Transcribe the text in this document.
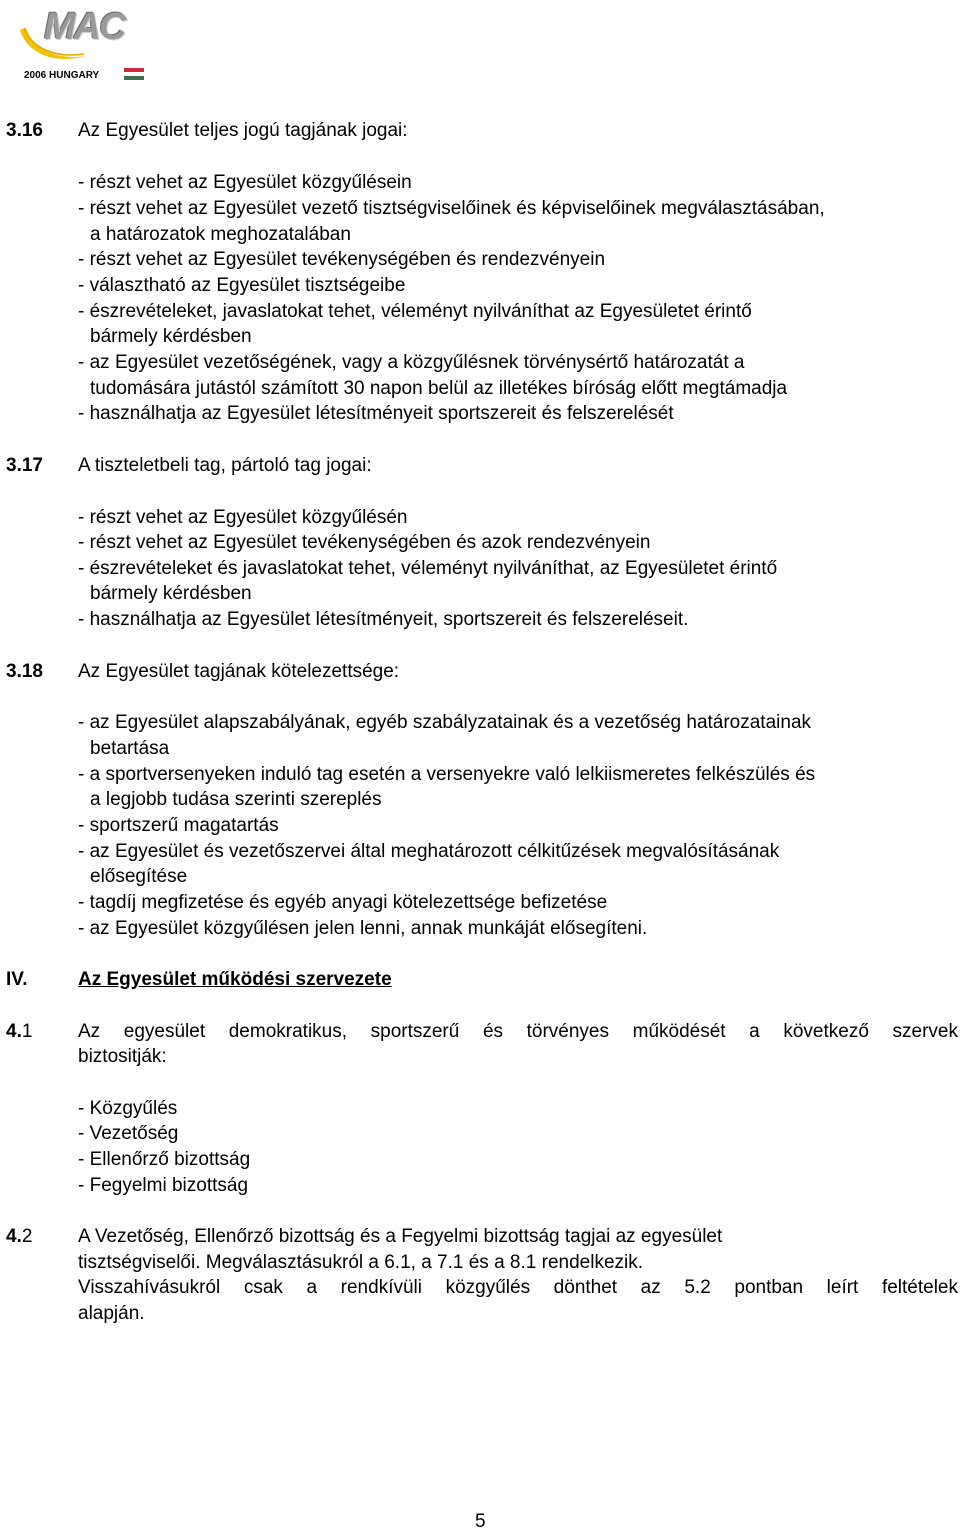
MAC
2006 HUNGARY
3.16 Az Egyesület teljes jogú tagjának jogai:
- részt vehet az Egyesület közgyűlésein
- részt vehet az Egyesület vezető tisztségviselőinek és képviselőinek megválasztásában,
a határozatok meghozatalában
- részt vehet az Egyesület tevékenységében és rendezvényein
- választható az Egyesület tisztségeibe
- észrevételeket, javaslatokat tehet, véleményt nyilváníthat az Egyesületet érintő
bármely kérdésben
- az Egyesület vezetőségének, vagy a közgyűlésnek törvénysértő határozatát a
tudomására jutástól számított 30 napon belül az illetékes bíróság előtt megtámadja
- használhatja az Egyesület létesítményeit sportszereit és felszerelését
3.17 A tiszteletbeli tag, pártoló tag jogai:
- részt vehet az Egyesület közgyűlésén
- részt vehet az Egyesület tevékenységében és azok rendezvényein
- észrevételeket és javaslatokat tehet, véleményt nyilváníthat, az Egyesületet érintő
bármely kérdésben
- használhatja az Egyesület létesítményeit, sportszereit és felszereléseit.
3.18 Az Egyesület tagjának kötelezettsége:
- az Egyesület alapszabályának, egyéb szabályzatainak és a vezetőség határozatainak
betartása
- a sportversenyeken induló tag esetén a versenyekre való lelkiismeretes felkészülés és
a legjobb tudása szerinti szereplés
- sportszerű magatartás
- az Egyesület és vezetőszervei által meghatározott célkitűzések megvalósításának
elősegítése
- tagdíj megfizetése és egyéb anyagi kötelezettsége befizetése
- az Egyesület közgyűlésen jelen lenni, annak munkáját elősegíteni.
IV.	Az Egyesület működési szervezete
4.1 Az egyesület demokratikus, sportszerű és törvényes működését a következő szervek
biztositják:
- Közgyűlés
- Vezetőség
- Ellenőrző bizottság
- Fegyelmi bizottság
4.2 A Vezetőség, Ellenőrző bizottság és a Fegyelmi bizottság tagjai az egyesület
tisztségviselői. Megválasztásukról a 6.1, a 7.1 és a 8.1 rendelkezik.
Visszahívásukról csak a rendkívüli közgyűlés dönthet az 5.2 pontban leírt feltételek
alapján.
5
